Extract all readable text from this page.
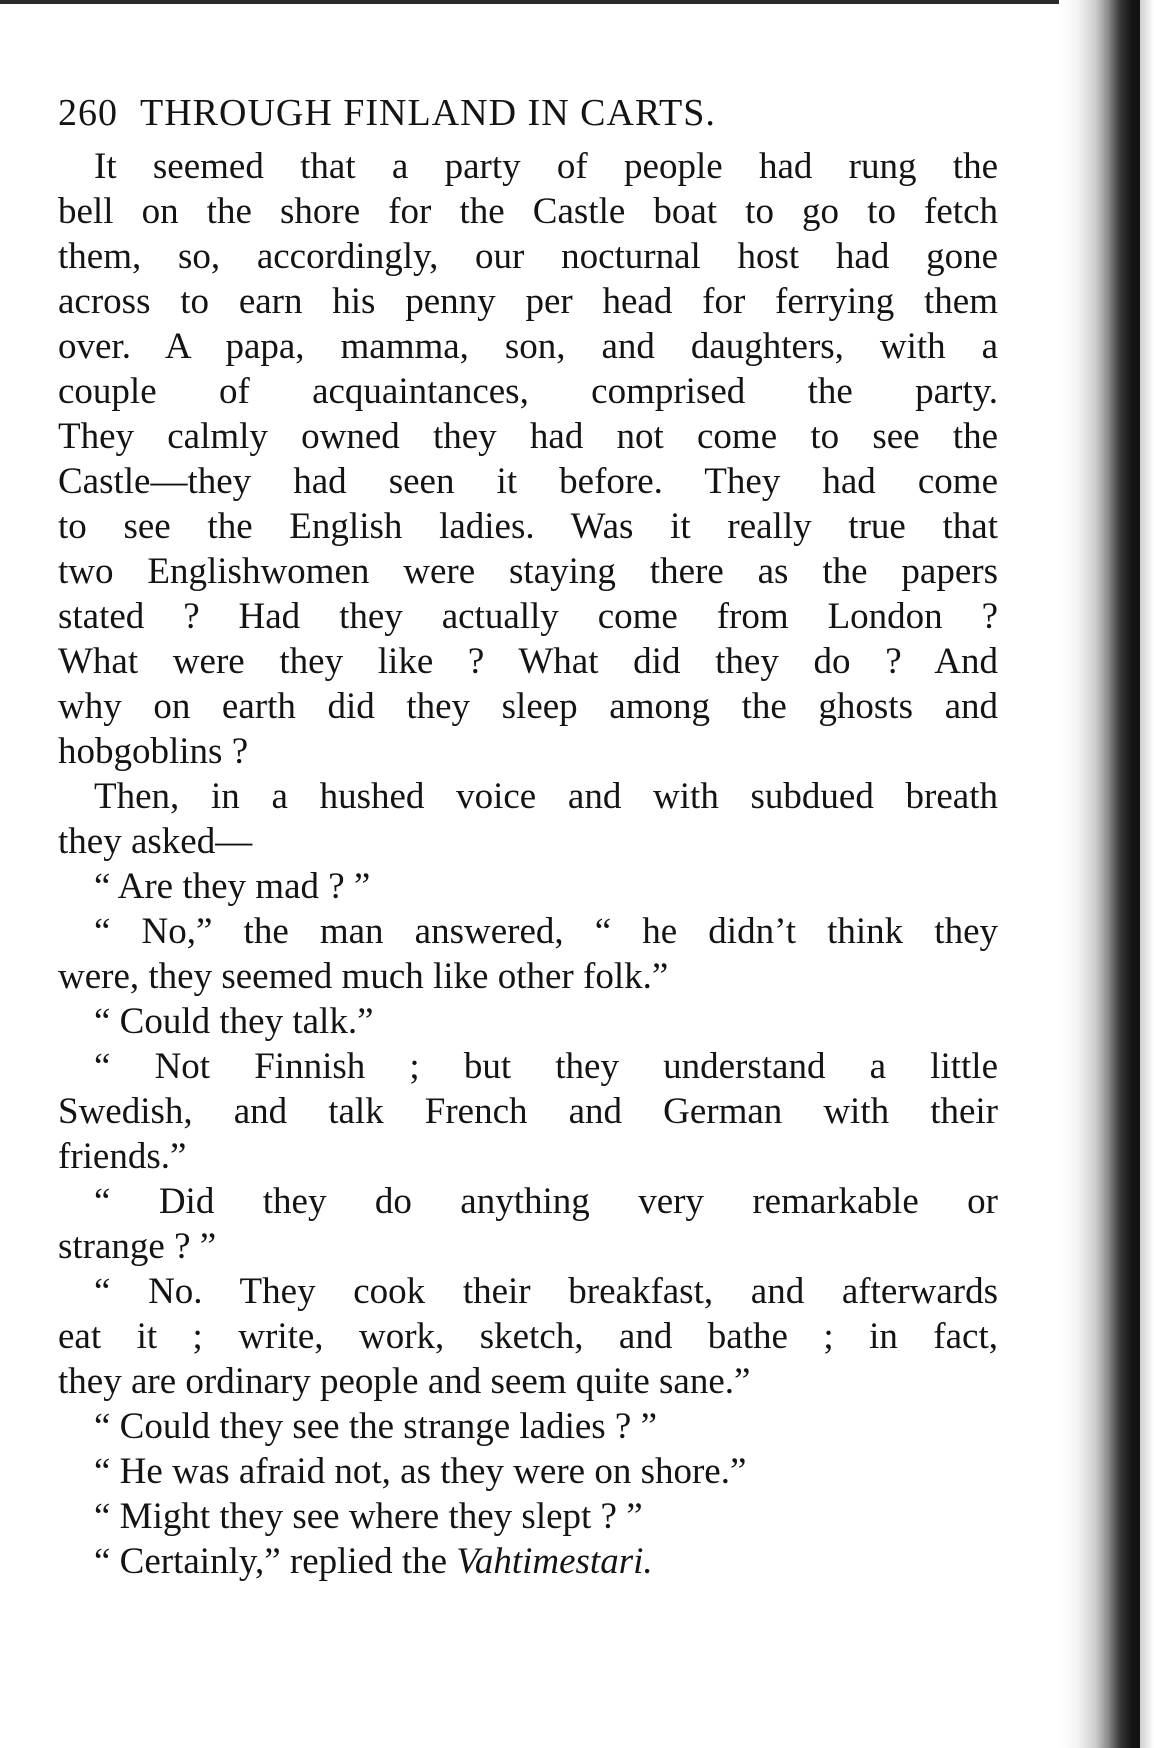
260 THROUGH FINLAND IN CARTS.
It seemed that a party of people had rung the
bell on the shore for the Castle boat to go to fetch
them, so, accordingly, our nocturnal host had gone
across to earn his penny per head for ferrying them
over. A papa, mamma, son, and daughters, with a
couple of acquaintances, comprised the party.
They calmly owned they had not come to see the
Castle—they had seen it before. They had come
to see the English ladies. Was it really true that
two Englishwomen were staying there as the papers
stated ? Had they actually come from London ?
What were they like ? What did they do ? And
why on earth did they sleep among the ghosts and
hobgoblins ?
Then, in a hushed voice and with subdued breath
they asked—
“ Are they mad ? ”
“ No,” the man answered, “ he didn’t think they
were, they seemed much like other folk.”
“ Could they talk.”
“ Not Finnish ; but they understand a little
Swedish, and talk French and German with their
friends.”
“ Did they do anything very remarkable or
strange ? ”
“ No. They cook their breakfast, and afterwards
eat it ; write, work, sketch, and bathe ; in fact,
they are ordinary people and seem quite sane.”
“ Could they see the strange ladies ? ”
“ He was afraid not, as they were on shore.”
“ Might they see where they slept ? ”
“ Certainly,” replied the Vahtimestari.
